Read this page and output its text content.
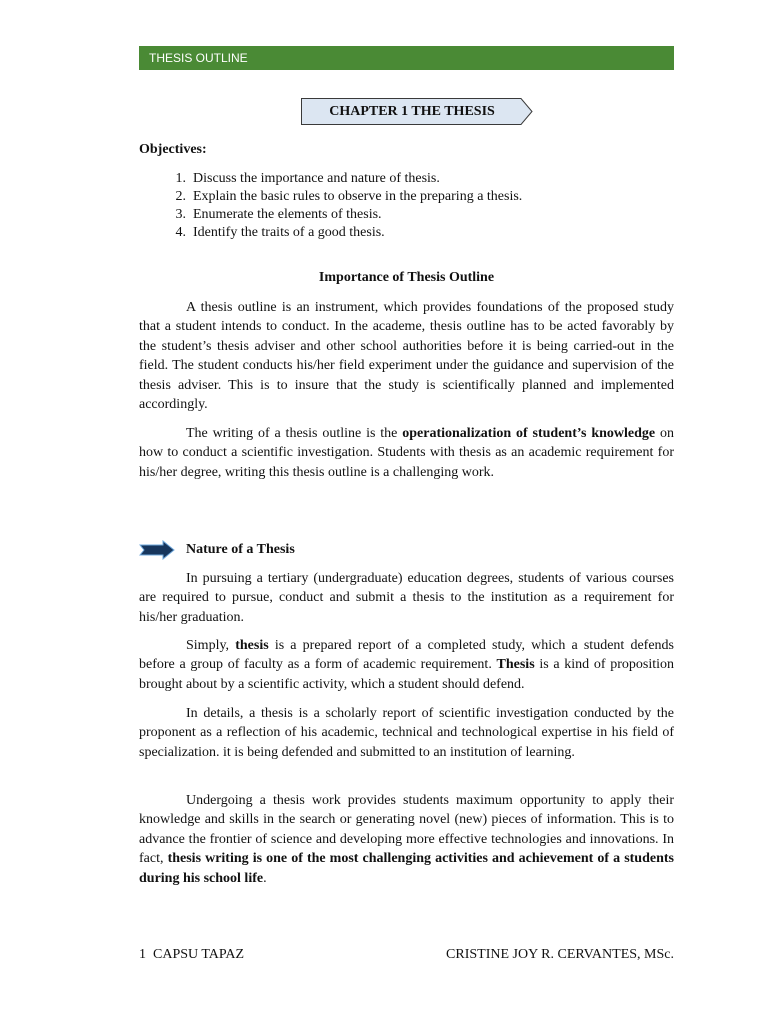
THESIS OUTLINE
CHAPTER 1 THE THESIS
Objectives:
1.
Discuss the importance and nature of thesis.
2.
Explain the basic rules to observe in the preparing a thesis.
3.
Enumerate the elements of thesis.
4.
Identify the traits of a good thesis.
Importance of Thesis Outline

A thesis outline is an instrument, which provides foundations of the proposed study that a student intends to conduct. In the academe, thesis outline has to be acted favorably by the student’s thesis adviser and other school authorities before it is being carried-out in the field. The student conducts his/her field experiment under the guidance and supervision of the thesis adviser. This is to insure that the study is scientifically planned and implemented accordingly.

The writing of a thesis outline is the operationalization of student’s knowledge on how to conduct a scientific investigation. Students with thesis as an academic requirement for his/her degree, writing this thesis outline is a challenging work.

Nature of a Thesis

In pursuing a tertiary (undergraduate) education degrees, students of various courses are required to pursue, conduct and submit a thesis to the institution as a requirement for his/her graduation.

Simply, thesis is a prepared report of a completed study, which a student defends before a group of faculty as a form of academic requirement. Thesis is a kind of proposition brought about by a scientific activity, which a student should defend.

In details, a thesis is a scholarly report of scientific investigation conducted by the proponent as a reflection of his academic, technical and technological expertise in his field of specialization. it is being defended and submitted to an institution of learning.

Undergoing a thesis work provides students maximum opportunity to apply their knowledge and skills in the search or generating novel (new) pieces of information. This is to advance the frontier of science and developing more effective technologies and innovations. In fact, thesis writing is one of the most challenging activities and achievement of a students during his school life.

1 CAPSU TAPAZ	CRISTINE JOY R. CERVANTES, MSc.
